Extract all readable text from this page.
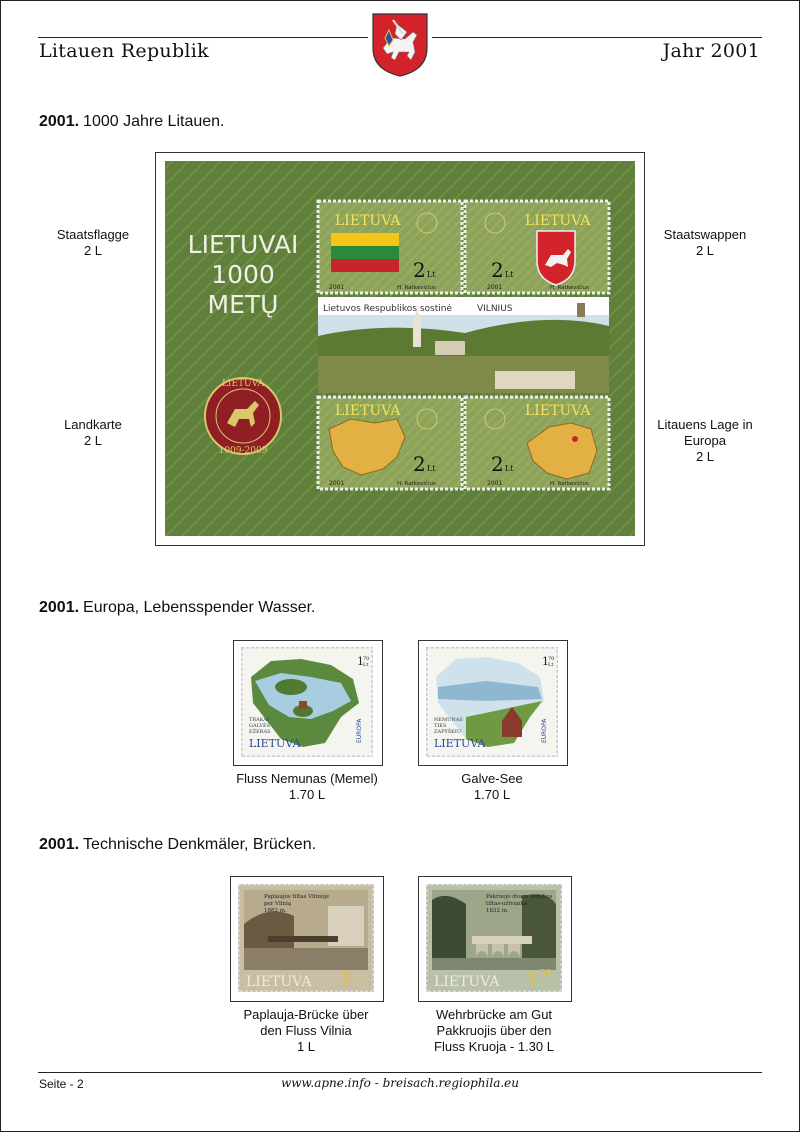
Litauen Republik	Jahr 2001
2001. 1000 Jahre Litauen.
Staatsflagge
2 L
Staatswappen
2 L
Landkarte
2 L
Litauens Lage in
Europa
2 L
LIETUVAI
1000
METŲ
LIETUVA
1009-2009
LIETUVA
2 Lt
2001	H. Ratkevičius
LIETUVA
2 Lt
2001	H. Ratkevičius
Lietuvos Respublikos sostinė	VILNIUS
LIETUVA
2 Lt
2001	H. Ratkevičius
LIETUVA
2 Lt
2001	H. Ratkevičius
2001. Europa, Lebensspender Wasser.
1 70
Lt
TRAKAI
GALVĖS
EŽERAS
LIETUVA
EUROPA
1 70
Lt
NEMUNAS
TIES
ZAPYŠKIU
LIETUVA
EUROPA
Fluss Nemunas (Memel)
1.70 L
Galve-See
1.70 L
2001. Technische Denkmäler, Brücken.
Paplaujos tiltas Vilnioje
per Vilnią
1882 m.
LIETUVA 1 Lt
Pakruojo dvaro sodybos
tiltas-užtvanka
1832 m.
LIETUVA 1 30
Lt
Paplauja-Brücke über
den Fluss Vilnia
1 L
Wehrbrücke am Gut
Pakkruojis über den
Fluss Kruoja - 1.30 L
Seite - 2	www.apne.info - breisach.regiophila.eu
